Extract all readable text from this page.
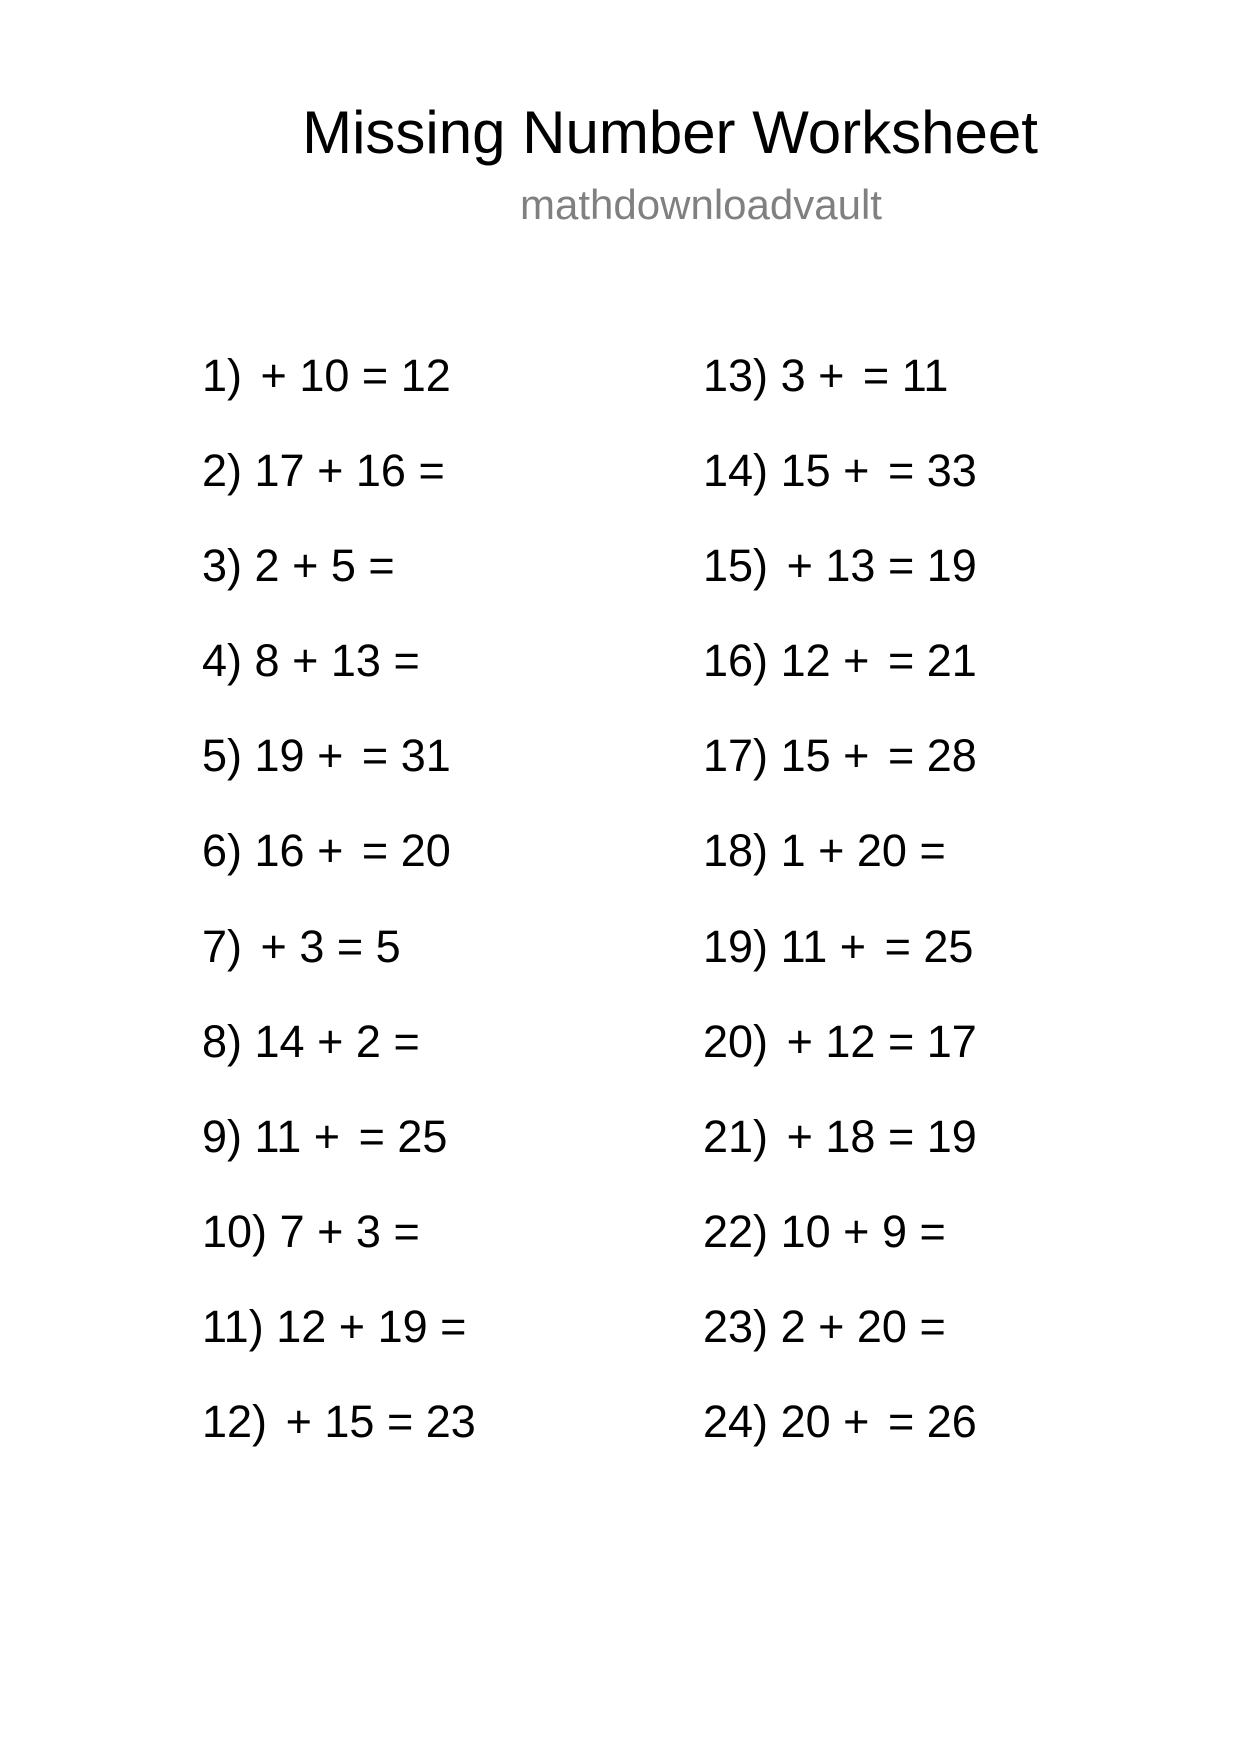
Missing Number Worksheet
mathdownloadvault
1) + 10 = 12
2) 17 + 16 =
3) 2 + 5 =
4) 8 + 13 =
5) 19 + = 31
6) 16 + = 20
7) + 3 = 5
8) 14 + 2 =
9) 11 + = 25
10) 7 + 3 =
11) 12 + 19 =
12) + 15 = 23
13) 3 + = 11
14) 15 + = 33
15) + 13 = 19
16) 12 + = 21
17) 15 + = 28
18) 1 + 20 =
19) 11 + = 25
20) + 12 = 17
21) + 18 = 19
22) 10 + 9 =
23) 2 + 20 =
24) 20 + = 26
